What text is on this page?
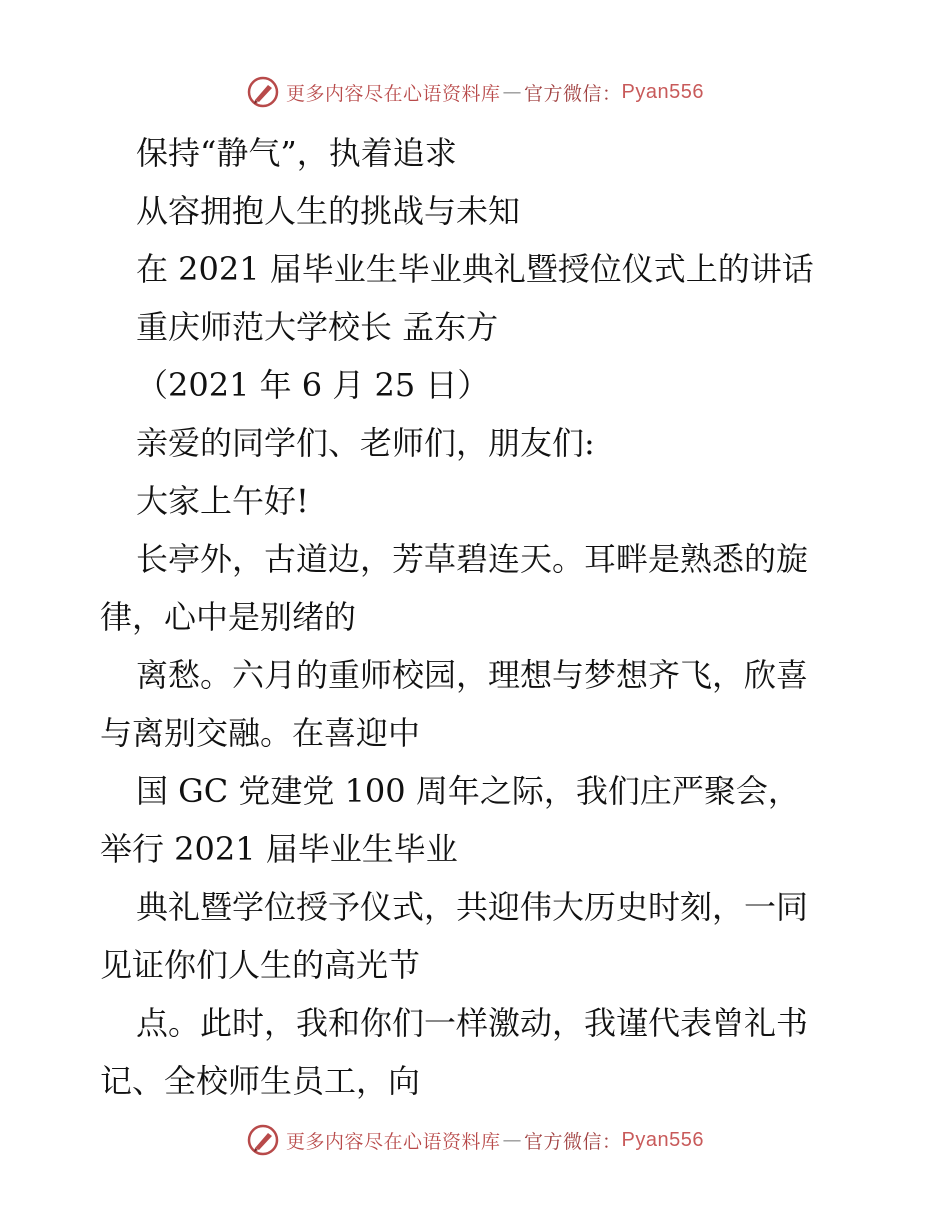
更多内容尽在心语资料库 — 官方微信： Pyan556
保持“静气”，执着追求
从容拥抱人生的挑战与未知
在 2021 届毕业生毕业典礼暨授位仪式上的讲话
重庆师范大学校长 孟东方
（2021 年 6 月 25 日）
亲爱的同学们、老师们，朋友们:
大家上午好!
长亭外，古道边，芳草碧连天。耳畔是熟悉的旋
律，心中是别绪的
离愁。六月的重师校园，理想与梦想齐飞，欣喜
与离别交融。在喜迎中
国 GC 党建党 100 周年之际，我们庄严聚会，
举行 2021 届毕业生毕业
典礼暨学位授予仪式，共迎伟大历史时刻，一同
见证你们人生的高光节
点。此时，我和你们一样激动，我谨代表曾礼书
记、全校师生员工，向
更多内容尽在心语资料库 — 官方微信： Pyan556
